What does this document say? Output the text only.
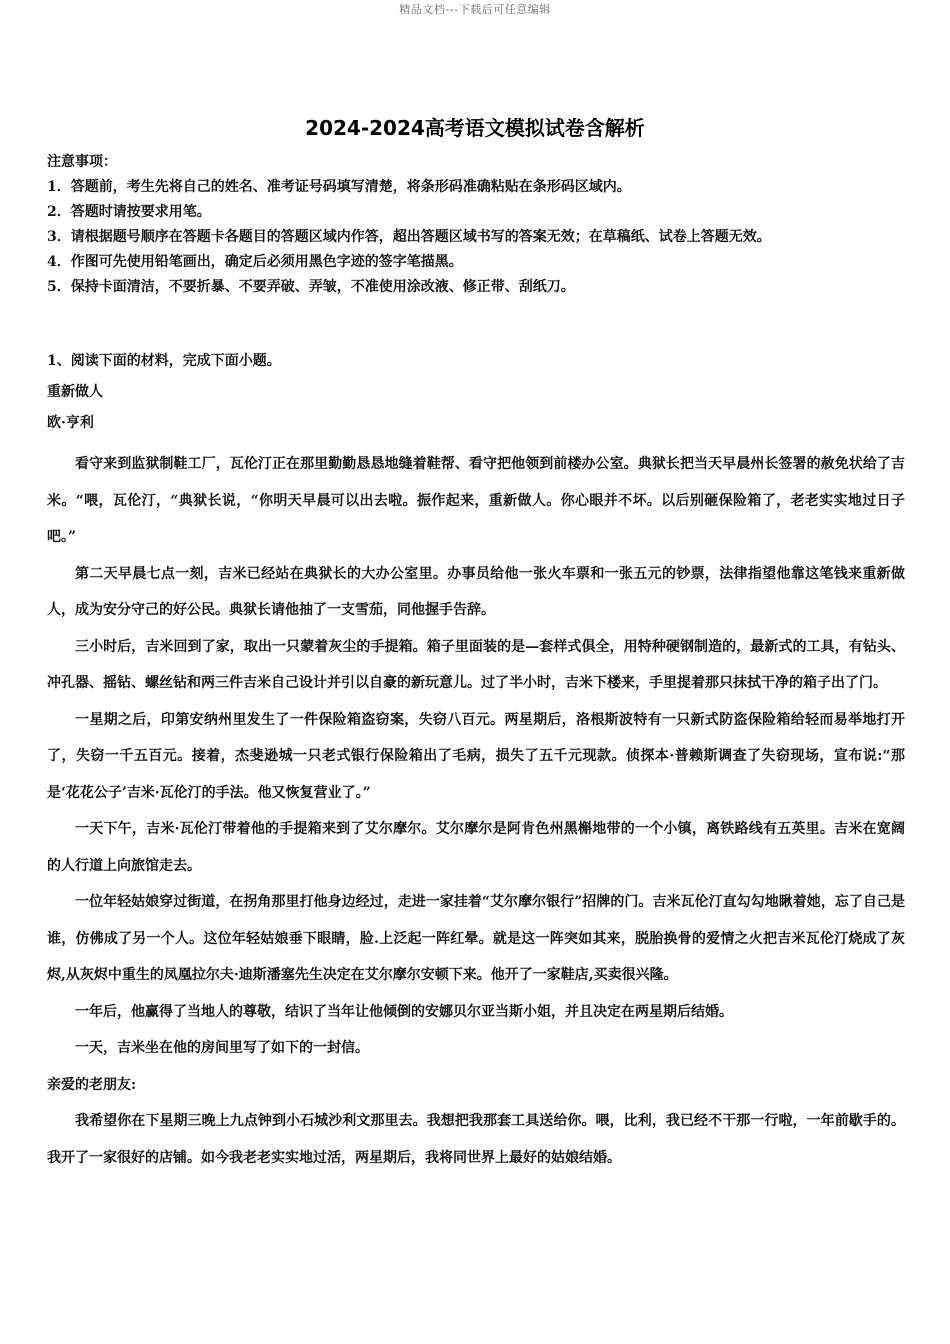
精品文档---下载后可任意编辑
2024-2024高考语文模拟试卷含解析
注意事项：
1．答题前，考生先将自己的姓名、准考证号码填写清楚，将条形码准确粘贴在条形码区域内。
2．答题时请按要求用笔。
3．请根据题号顺序在答题卡各题目的答题区域内作答，超出答题区域书写的答案无效；在草稿纸、试卷上答题无效。
4．作图可先使用铅笔画出，确定后必须用黑色字迹的签字笔描黑。
5．保持卡面清洁，不要折暴、不要弄破、弄皱，不准使用涂改液、修正带、刮纸刀。
1、阅读下面的材料，完成下面小题。
重新做人
欧·亨利

看守来到监狱制鞋工厂，瓦伦汀正在那里勤勤恳恳地缝着鞋帮、看守把他领到前楼办公室。典狱长把当天早晨州长签署的赦免状给了吉米。“喂，瓦伦汀，“典狱长说，“你明天早晨可以出去啦。振作起来，重新做人。你心眼并不坏。以后别砸保险箱了，老老实实地过日子吧。”

第二天早晨七点一刻，吉米已经站在典狱长的大办公室里。办事员给他一张火车票和一张五元的钞票，法律指望他靠这笔钱来重新做人，成为安分守己的好公民。典狱长请他抽了一支雪茄，同他握手告辞。

三小时后，吉米回到了家，取出一只蒙着灰尘的手提箱。箱子里面装的是—套样式俱全，用特种硬钢制造的，最新式的工具，有钻头、冲孔器、摇钻、螺丝钻和两三件吉米自己设计并引以自豪的新玩意儿。过了半小时，吉米下楼来，手里提着那只抹拭干净的箱子出了门。

一星期之后，印第安纳州里发生了一件保险箱盗窃案，失窃八百元。两星期后，洛根斯波特有一只新式防盗保险箱给轻而易举地打开了，失窃一千五百元。接着，杰斐逊城一只老式银行保险箱出了毛病，损失了五千元现款。侦探本·普赖斯调查了失窃现场，宣布说:“那是‘花花公子’吉米·瓦伦汀的手法。他又恢复营业了。”

一天下午，吉米·瓦伦汀带着他的手提箱来到了艾尔摩尔。艾尔摩尔是阿肯色州黑槲地带的一个小镇，离铁路线有五英里。吉米在宽阔的人行道上向旅馆走去。

一位年轻姑娘穿过街道，在拐角那里打他身边经过，走进一家挂着“艾尔摩尔银行”招牌的门。吉米瓦伦汀直勾勾地瞅着她，忘了自己是谁，仿佛成了另一个人。这位年轻姑娘垂下眼睛，脸.上泛起一阵红晕。就是这一阵突如其来，脱胎换骨的爱情之火把吉米瓦伦汀烧成了灰烬,从灰烬中重生的凤凰拉尔夫·迪斯潘塞先生决定在艾尔摩尔安顿下来。他开了一家鞋店,买卖很兴隆。

一年后，他赢得了当地人的尊敬，结识了当年让他倾倒的安娜贝尔亚当斯小姐，并且决定在两星期后结婚。

一天，吉米坐在他的房间里写了如下的一封信。

亲爱的老朋友:

我希望你在下星期三晚上九点钟到小石城沙利文那里去。我想把我那套工具送给你。喂，比利，我已经不干那一行啦，一年前歇手的。我开了一家很好的店铺。如今我老老实实地过活，两星期后，我将同世界上最好的姑娘结婚。
